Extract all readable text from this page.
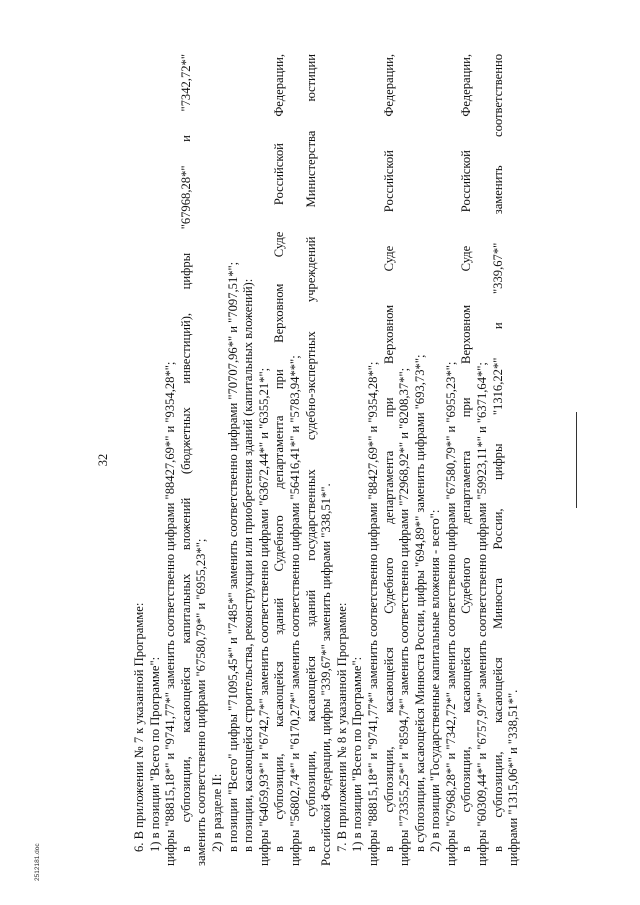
32
6. В приложении № 7 к указанной Программе: 1) в позиции "Всего по Программе": цифры "88815,18*" и "9741,77*" заменить соответственно цифрами "88427,69*" и "9354,28*"; в субпозиции, касающейся капитальных вложений (бюджетных инвестиций), цифры "67968,28*" и "7342,72*" заменить соответственно цифрами "67580,79*" и "6955,23*"; 2) в разделе II: в позиции "Всего" цифры "71095,45*" и "7485*" заменить соответственно цифрами "70707,96*" и "7097,51*"; в позиции, касающейся строительства, реконструкции или приобретения зданий (капитальных вложений): цифры "64059,93*" и "6742,7*" заменить соответственно цифрами "63672,44*" и "6355,21*"; в субпозиции, касающейся зданий Судебного департамента при Верховном Суде Российской Федерации, цифры "56802,74*" и "6170,27*" заменить соответственно цифрами "56416,41*" и "5783,94**"; в субпозиции, касающейся зданий государственных судебно-экспертных учреждений Министерства юстиции Российской Федерации, цифры "339,67*" заменить цифрами "338,51*". 7. В приложении № 8 к указанной Программе: 1) в позиции "Всего по Программе": цифры "88815,18*" и "9741,77*" заменить соответственно цифрами "88427,69*" и "9354,28*"; в субпозиции, касающейся Судебного департамента при Верховном Суде Российской Федерации, цифры "73355,25*" и "8594,7*" заменить соответственно цифрами "72968,92*" и "8208,37*"; в субпозиции, касающейся Минюста России, цифры "694,89*" заменить цифрами "693,73*"; 2) в позиции "Государственные капитальные вложения - всего": цифры "67968,28*" и "7342,72*" заменить соответственно цифрами "67580,79*" и "6955,23*"; в субпозиции, касающейся Судебного департамента при Верховном Суде Российской Федерации, цифры "60309,44*" и "6757,97*" заменить соответственно цифрами "59923,11*" и "6371,64*"; в субпозиции, касающейся Минюста России, цифры "1316,22*" и "339,67*" заменить соответственно цифрами "1315,06*" и "338,51*".
2512181.doc
